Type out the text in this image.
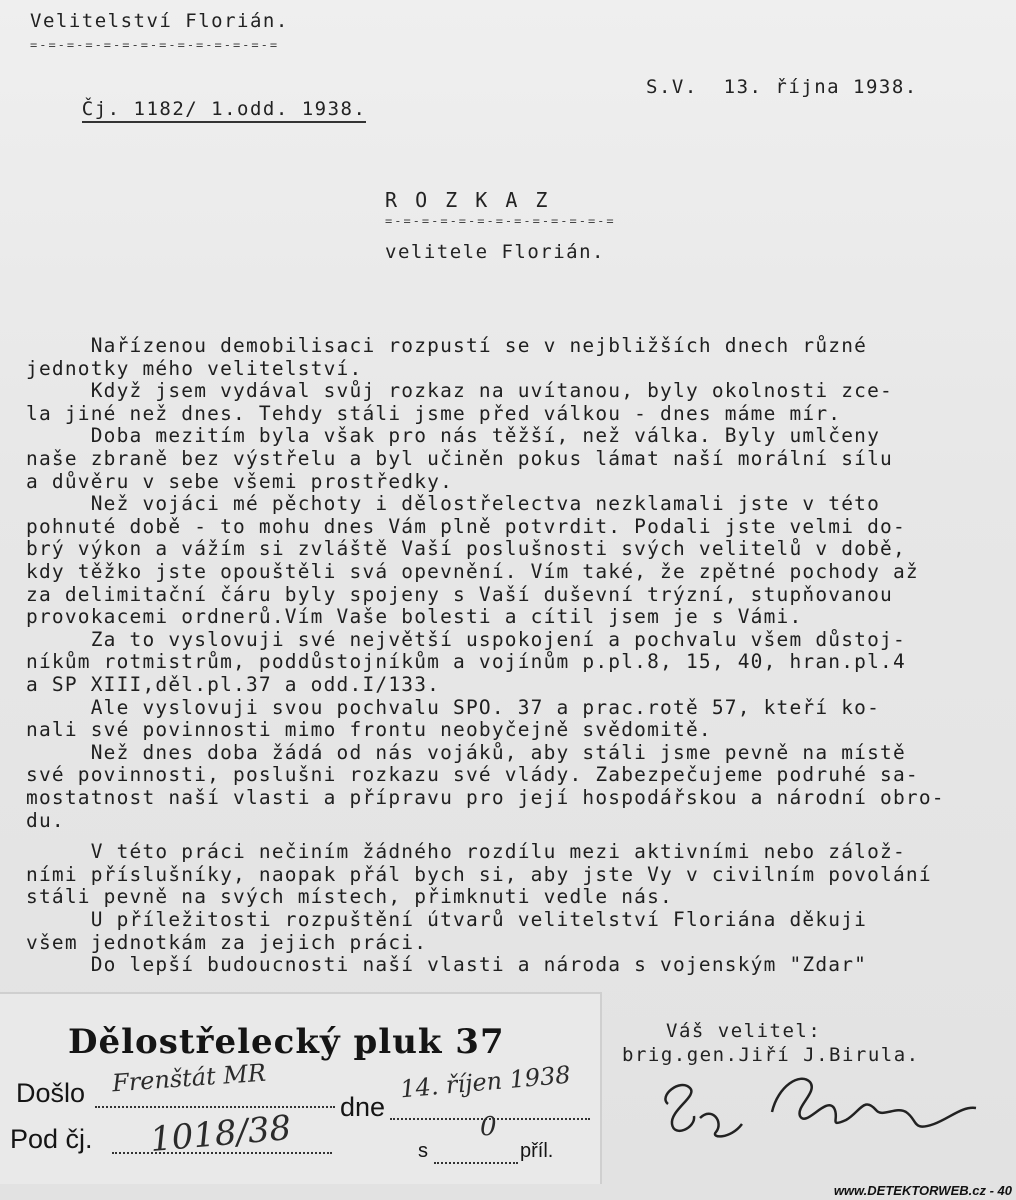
Velitelství Florián.
=-=-=-=-=-=-=-=-=-=-=-=-=-=

Čj. 1182/ 1.odd. 1938.

S.V.  13. října 1938.
R O Z K A Z
=-=-=-=-=-=-=-=-=-=-=-=-=
velitele Florián.
Nařízenou demobilisaci rozpustí se v nejbližších dnech různé
jednotky mého velitelství.
Když jsem vydával svůj rozkaz na uvítanou, byly okolnosti zce-
la jiné než dnes. Tehdy stáli jsme před válkou - dnes máme mír.
Doba mezitím byla však pro nás těžší, než válka. Byly umlčeny
naše zbraně bez výstřelu a byl učiněn pokus lámat naší morální sílu
a důvěru v sebe všemi prostředky.
Než vojáci mé pěchoty i dělostřelectva nezklamali jste v této
pohnuté době - to mohu dnes Vám plně potvrdit. Podali jste velmi do-
brý výkon a vážím si zvláště Vaší poslušnosti svých velitelů v době,
kdy těžko jste opouštěli svá opevnění. Vím také, že zpětné pochody až
za delimitační čáru byly spojeny s Vaší duševní trýzní, stupňovanou
provokacemi ordnerů.Vím Vaše bolesti a cítil jsem je s Vámi.
Za to vyslovuji své největší uspokojení a pochvalu všem důstoj-
níkům rotmistrům, poddůstojníkům a vojínům p.pl.8, 15, 40, hran.pl.4
a SP XIII,děl.pl.37 a odd.I/133.
Ale vyslovuji svou pochvalu SPO. 37 a prac.rotě 57, kteří ko-
nali své povinnosti mimo frontu neobyčejně svědomitě.
Než dnes doba žádá od nás vojáků, aby stáli jsme pevně na místě
své povinnosti, poslušni rozkazu své vlády. Zabezpečujeme podruhé sa-
mostatnost naší vlasti a přípravu pro její hospodářskou a národní obro-
du.
V této práci nečiním žádného rozdílu mezi aktivními nebo zálož-
ními příslušníky, naopak přál bych si, aby jste Vy v civilním povolání
stáli pevně na svých místech, přimknuti vedle nás.
U příležitosti rozpuštění útvarů velitelství Floriána děkuji
všem jednotkám za jejich práci.
Do lepší budoucnosti naší vlasti a národa s vojenským "Zdar"
Váš velitel:
brig.gen.Jiří J.Birula.
Dělostřelecký pluk 37
Došlo Frenštát MR
dne
14. říjen 1938
Pod čj. 1018/38	s
0
příl.
www.DETEKTORWEB.cz - 40
